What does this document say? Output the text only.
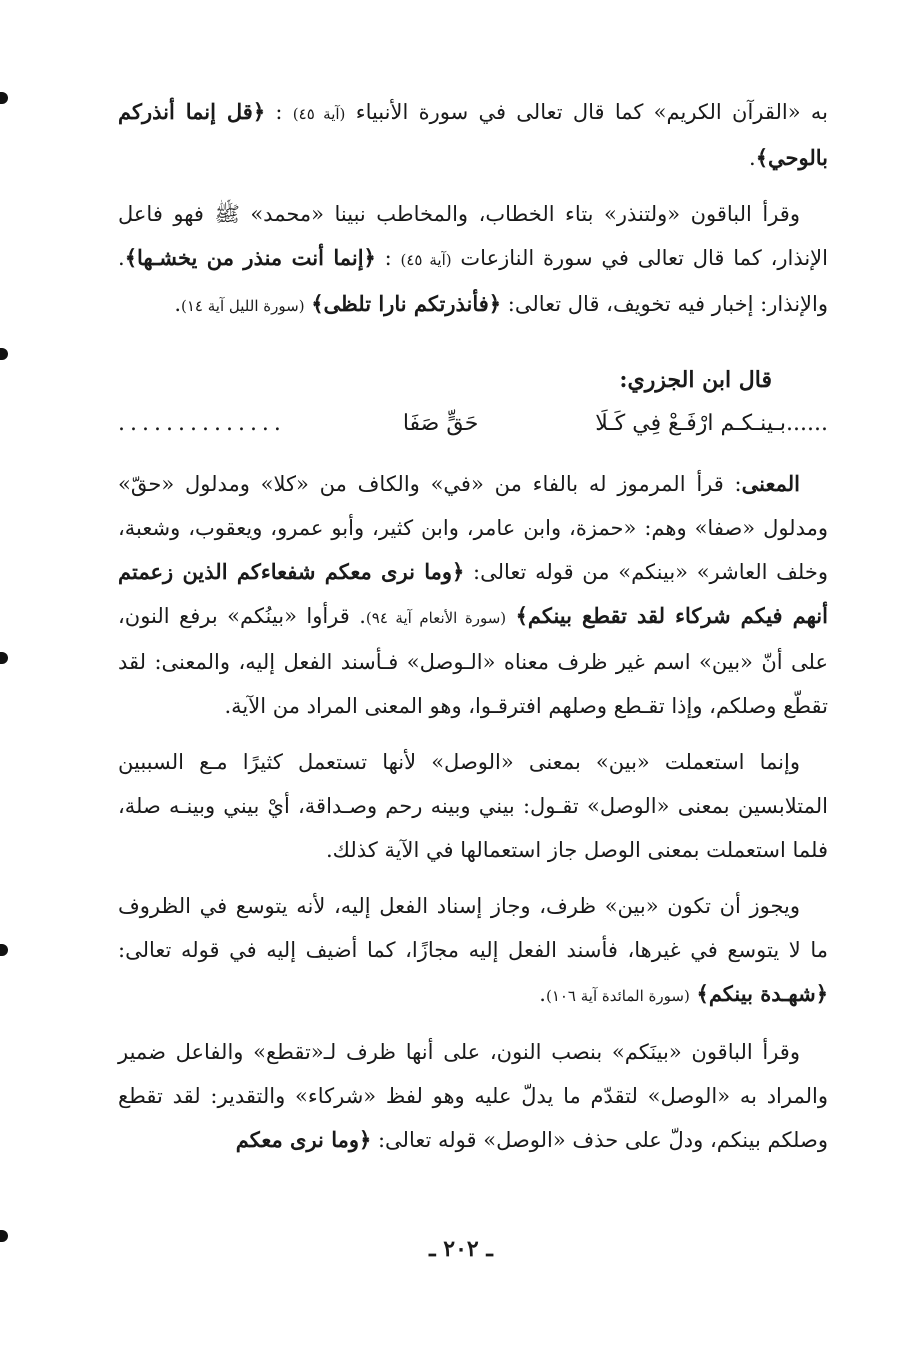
به «القرآن الكريم» كما قال تعالى في سورة الأنبياء (آية ٤٥) : ﴿قل إنما أنذركم بالوحي﴾.

وقرأ الباقون «ولتنذر» بتاء الخطاب، والمخاطب نبينا «محمد» ﷺ فهو فاعل الإنذار، كما قال تعالى في سورة النازعات (آية ٤٥) : ﴿إنما أنت منذر من يخشـها﴾. والإنذار: إخبار فيه تخويف، قال تعالى: ﴿فأنذرتكم نارا تلظى﴾ (سورة الليل آية ١٤).

قال ابن الجزري:
......بـينـكـم ارْفَـعْ فِي كَـلَا
حَقٍّ صَفَا
..............

المعنى: قرأ المرموز له بالفاء من «في» والكاف من «كلا» ومدلول «حقّ» ومدلول «صفا» وهم: «حمزة، وابن عامر، وابن كثير، وأبو عمرو، ويعقوب، وشعبة، وخلف العاشر» «بينكم» من قوله تعالى: ﴿وما نرى معكم شفعاءكم الذين زعمتم أنهم فيكم شركاء لقد تقطع بينكم﴾ (سورة الأنعام آية ٩٤). قرأوا «بينُكم» برفع النون، على أنّ «بين» اسم غير ظرف معناه «الـوصل» فـأسند الفعل إليه، والمعنى: لقد تقطّع وصلكم، وإذا تقـطع وصلهم افترقـوا، وهو المعنى المراد من الآية.

وإنما استعملت «بين» بمعنى «الوصل» لأنها تستعمل كثيرًا مـع السببين المتلابسين بمعنى «الوصل» تقـول: بيني وبينه رحم وصـداقة، أيْ بيني وبينـه صلة، فلما استعملت بمعنى الوصل جاز استعمالها في الآية كذلك.

ويجوز أن تكون «بين» ظرف، وجاز إسناد الفعل إليه، لأنه يتوسع في الظروف ما لا يتوسع في غيرها، فأسند الفعل إليه مجازًا، كما أضيف إليه في قوله تعالى: ﴿شهـدة بينكم﴾ (سورة المائدة آية ١٠٦).

وقرأ الباقون «بينَكم» بنصب النون، على أنها ظرف لـ«تقطع» والفاعل ضمير والمراد به «الوصل» لتقدّم ما يدلّ عليه وهو لفظ «شركاء» والتقدير: لقد تقطع وصلكم بينكم، ودلّ على حذف «الوصل» قوله تعالى: ﴿وما نرى معكم

ـ ٢٠٢ ـ
